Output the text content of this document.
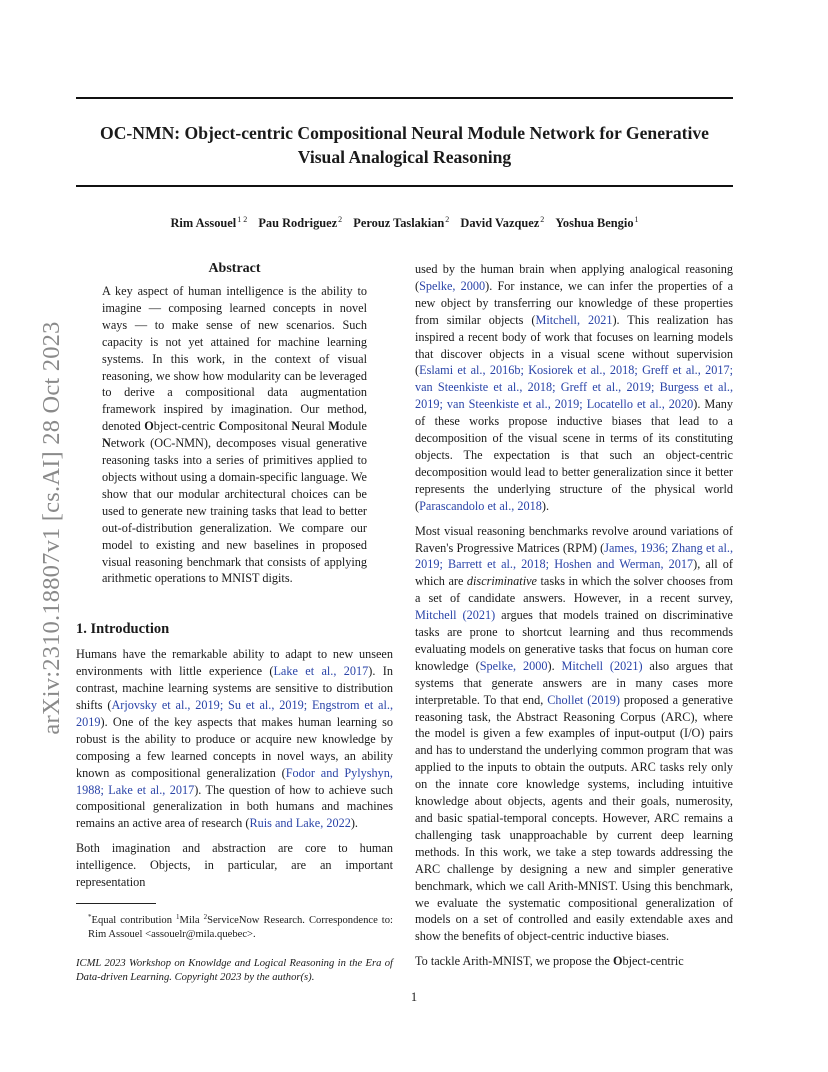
arXiv:2310.18807v1 [cs.AI] 28 Oct 2023
OC-NMN: Object-centric Compositional Neural Module Network for Generative Visual Analogical Reasoning
Rim Assouel$^{1 2}$ Pau Rodriguez$^2$ Perouz Taslakian$^2$ David Vazquez$^2$ Yoshua Bengio$^1$
Abstract

A key aspect of human intelligence is the ability to imagine — composing learned concepts in novel ways — to make sense of new scenarios. Such capacity is not yet attained for machine learning systems. In this work, in the context of visual reasoning, we show how modularity can be leveraged to derive a compositional data augmentation framework inspired by imagination. Our method, denoted Object-centric Compositonal Neural Module Network (OC-NMN), decomposes visual generative reasoning tasks into a series of primitives applied to objects without using a domain-specific language. We show that our modular architectural choices can be used to generate new training tasks that lead to better out-of-distribution generalization. We compare our model to existing and new baselines in proposed visual reasoning benchmark that consists of applying arithmetic operations to MNIST digits.

1. Introduction

Humans have the remarkable ability to adapt to new unseen environments with little experience (Lake et al., 2017). In contrast, machine learning systems are sensitive to distribution shifts (Arjovsky et al., 2019; Su et al., 2019; Engstrom et al., 2019). One of the key aspects that makes human learning so robust is the ability to produce or acquire new knowledge by composing a few learned concepts in novel ways, an ability known as compositional generalization (Fodor and Pylyshyn, 1988; Lake et al., 2017). The question of how to achieve such compositional generalization in both humans and machines remains an active area of research (Ruis and Lake, 2022).

Both imagination and abstraction are core to human intelligence. Objects, in particular, are an important representation

*Equal contribution $^1$Mila $^2$ServiceNow Research. Correspondence to: Rim Assouel <assouelr@mila.quebec>.

ICML 2023 Workshop on Knowldge and Logical Reasoning in the Era of Data-driven Learning. Copyright 2023 by the author(s).

used by the human brain when applying analogical reasoning (Spelke, 2000). For instance, we can infer the properties of a new object by transferring our knowledge of these properties from similar objects (Mitchell, 2021). This realization has inspired a recent body of work that focuses on learning models that discover objects in a visual scene without supervision (Eslami et al., 2016b; Kosiorek et al., 2018; Greff et al., 2017; van Steenkiste et al., 2018; Greff et al., 2019; Burgess et al., 2019; van Steenkiste et al., 2019; Locatello et al., 2020). Many of these works propose inductive biases that lead to a decomposition of the visual scene in terms of its constituting objects. The expectation is that such an object-centric decomposition would lead to better generalization since it better represents the underlying structure of the physical world (Parascandolo et al., 2018).

Most visual reasoning benchmarks revolve around variations of Raven's Progressive Matrices (RPM) (James, 1936; Zhang et al., 2019; Barrett et al., 2018; Hoshen and Werman, 2017), all of which are discriminative tasks in which the solver chooses from a set of candidate answers. However, in a recent survey, Mitchell (2021) argues that models trained on discriminative tasks are prone to shortcut learning and thus recommends evaluating models on generative tasks that focus on human core knowledge (Spelke, 2000). Mitchell (2021) also argues that systems that generate answers are in many cases more interpretable. To that end, Chollet (2019) proposed a generative reasoning task, the Abstract Reasoning Corpus (ARC), where the model is given a few examples of input-output (I/O) pairs and has to understand the underlying common program that was applied to the inputs to obtain the outputs. ARC tasks rely only on the innate core knowledge systems, including intuitive knowledge about objects, agents and their goals, numerosity, and basic spatial-temporal concepts. However, ARC remains a challenging task unapproachable by current deep learning methods. In this work, we take a step towards addressing the ARC challenge by designing a new and simpler generative benchmark, which we call Arith-MNIST. Using this benchmark, we evaluate the systematic compositional generalization of models on a set of controlled and easily extendable axes and show the benefits of object-centric inductive biases.

To tackle Arith-MNIST, we propose the Object-centric

1
